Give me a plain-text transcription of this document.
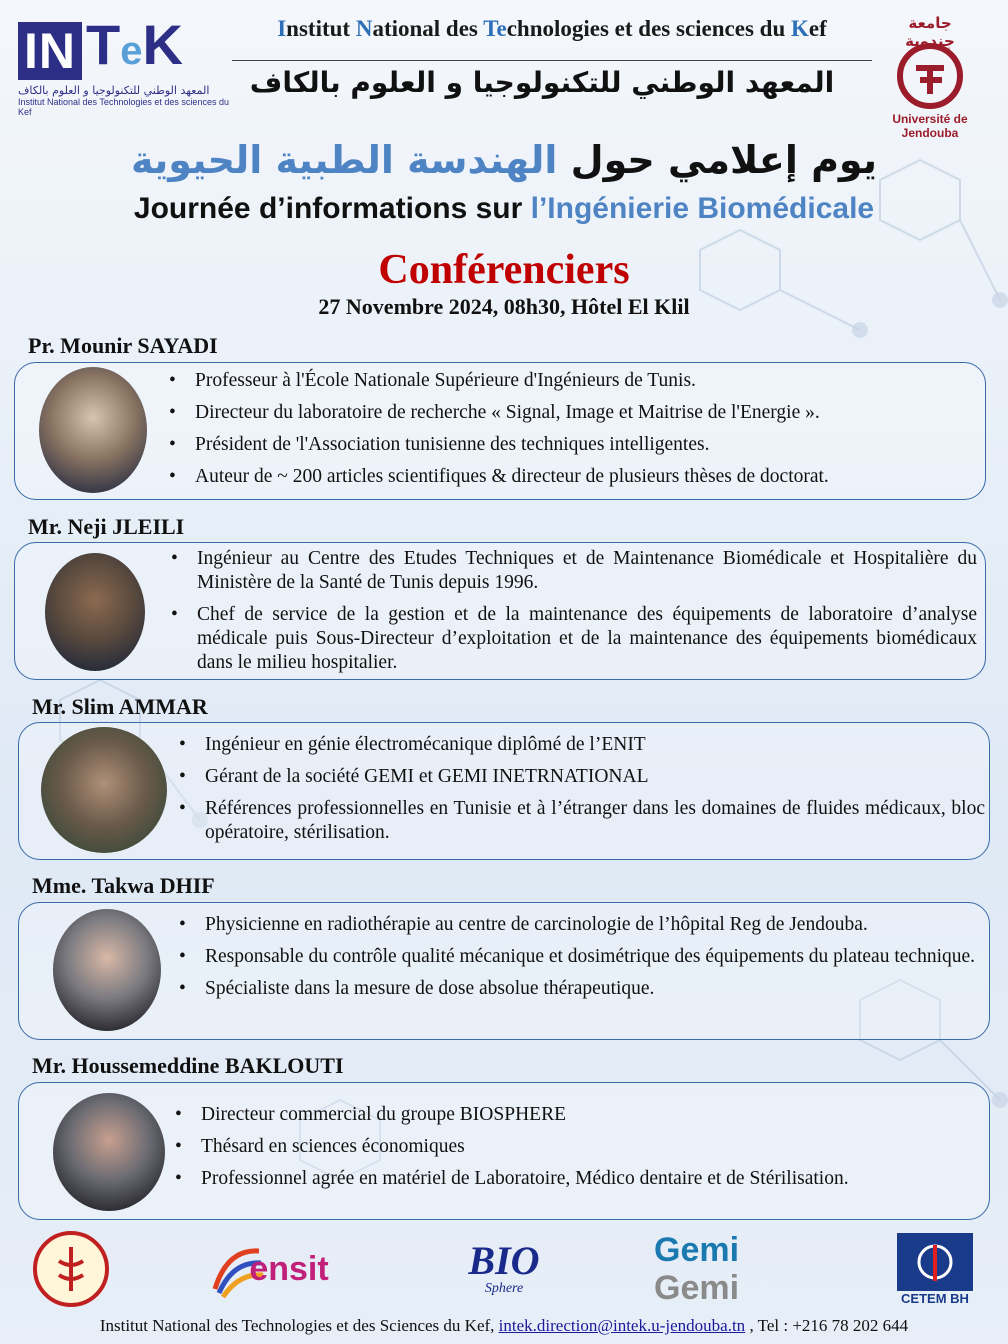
IN TeK
المعهد الوطني للتكنولوجيا و العلوم بالكاف
Institut National des Technologies et des sciences du Kef
Institut National des Technologies et des sciences du Kef
المعهد الوطني للتكنولوجيا و العلوم بالكاف
جامعة جندوبة
Université de Jendouba
يوم إعلامي حول الهندسة الطبية الحيوية
Journée d’informations sur l’Ingénierie Biomédicale
Conférenciers
27 Novembre 2024, 08h30, Hôtel El Klil
Pr. Mounir SAYADI
• Professeur à l'École Nationale Supérieure d'Ingénieurs de Tunis.
• Directeur du laboratoire de recherche « Signal, Image et Maitrise de l'Energie ».
• Président de 'l'Association tunisienne des techniques intelligentes.
• Auteur de ~ 200 articles scientifiques & directeur de plusieurs thèses de doctorat.
Mr. Neji JLEILI
• Ingénieur au Centre des Etudes Techniques et de Maintenance Biomédicale et Hospitalière du Ministère de la Santé de Tunis depuis 1996.
• Chef de service de la gestion et de la maintenance des équipements de laboratoire d’analyse médicale puis Sous-Directeur d’exploitation et de la maintenance des équipements biomédicaux dans le milieu hospitalier.
Mr. Slim AMMAR
• Ingénieur en génie électromécanique diplômé de l’ENIT
• Gérant de la société GEMI et GEMI INETRNATIONAL
• Références professionnelles en Tunisie et à l’étranger dans les domaines de fluides médicaux, bloc opératoire, stérilisation.
Mme. Takwa DHIF
• Physicienne en radiothérapie au centre de carcinologie de l’hôpital Reg de Jendouba.
• Responsable du contrôle qualité mécanique et dosimétrique des équipements du plateau technique.
• Spécialiste dans la mesure de dose absolue thérapeutique.
Mr. Houssemeddine BAKLOUTI
• Directeur commercial du groupe BIOSPHERE
• Thésard en sciences économiques
• Professionnel agrée en matériel de Laboratoire, Médico dentaire et de Stérilisation.
ensit	BIO
Sphere
Gemi
Gemi	CETEM BH
Institut National des Technologies et des Sciences du Kef, intek.direction@intek.u-jendouba.tn , Tel : +216 78 202 644
